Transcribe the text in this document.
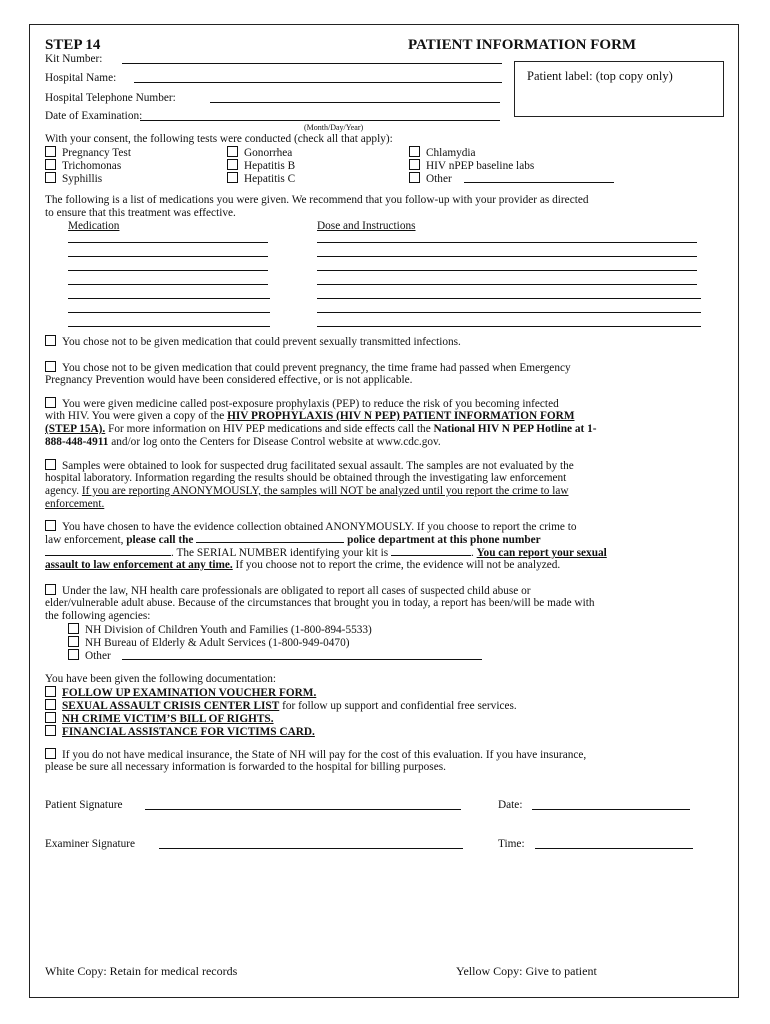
STEP 14	PATIENT INFORMATION FORM
Patient label: (top copy only)
Kit Number:
Hospital Name:
Hospital Telephone Number:
Date of Examination:
(Month/Day/Year)
With your consent, the following tests were conducted (check all that apply):
Pregnancy Test
Trichomonas
Syphillis
Gonorrhea
Hepatitis B
Hepatitis C
Chlamydia
HIV nPEP baseline labs
Other
The following is a list of medications you were given. We recommend that you follow-up with your provider as directed
to ensure that this treatment was effective.
Medication	Dose and Instructions
You chose not to be given medication that could prevent sexually transmitted infections.
You chose not to be given medication that could prevent pregnancy, the time frame had passed when Emergency
Pregnancy Prevention would have been considered effective, or is not applicable.
You were given medicine called post-exposure prophylaxis (PEP) to reduce the risk of you becoming infected
with HIV. You were given a copy of the HIV PROPHYLAXIS (HIV N PEP) PATIENT INFORMATION FORM
(STEP 15A). For more information on HIV PEP medications and side effects call the National HIV N PEP Hotline at 1-
888-448-4911 and/or log onto the Centers for Disease Control website at www.cdc.gov.
Samples were obtained to look for suspected drug facilitated sexual assault. The samples are not evaluated by the
hospital laboratory. Information regarding the results should be obtained through the investigating law enforcement
agency. If you are reporting ANONYMOUSLY, the samples will NOT be analyzed until you report the crime to law
enforcement.
You have chosen to have the evidence collection obtained ANONYMOUSLY. If you choose to report the crime to
law enforcement, please call the	police department at this phone number
. The SERIAL NUMBER identifying your kit is	. You can report your sexual
assault to law enforcement at any time. If you choose not to report the crime, the evidence will not be analyzed.
Under the law, NH health care professionals are obligated to report all cases of suspected child abuse or
elder/vulnerable adult abuse. Because of the circumstances that brought you in today, a report has been/will be made with
the following agencies:
NH Division of Children Youth and Families (1-800-894-5533)
NH Bureau of Elderly & Adult Services (1-800-949-0470)
Other
You have been given the following documentation:
FOLLOW UP EXAMINATION VOUCHER FORM.
SEXUAL ASSAULT CRISIS CENTER LIST for follow up support and confidential free services.
NH CRIME VICTIM’S BILL OF RIGHTS.
FINANCIAL ASSISTANCE FOR VICTIMS CARD.
If you do not have medical insurance, the State of NH will pay for the cost of this evaluation. If you have insurance,
please be sure all necessary information is forwarded to the hospital for billing purposes.
Patient Signature	Date:
Examiner Signature	Time:
White Copy: Retain for medical records	Yellow Copy: Give to patient
